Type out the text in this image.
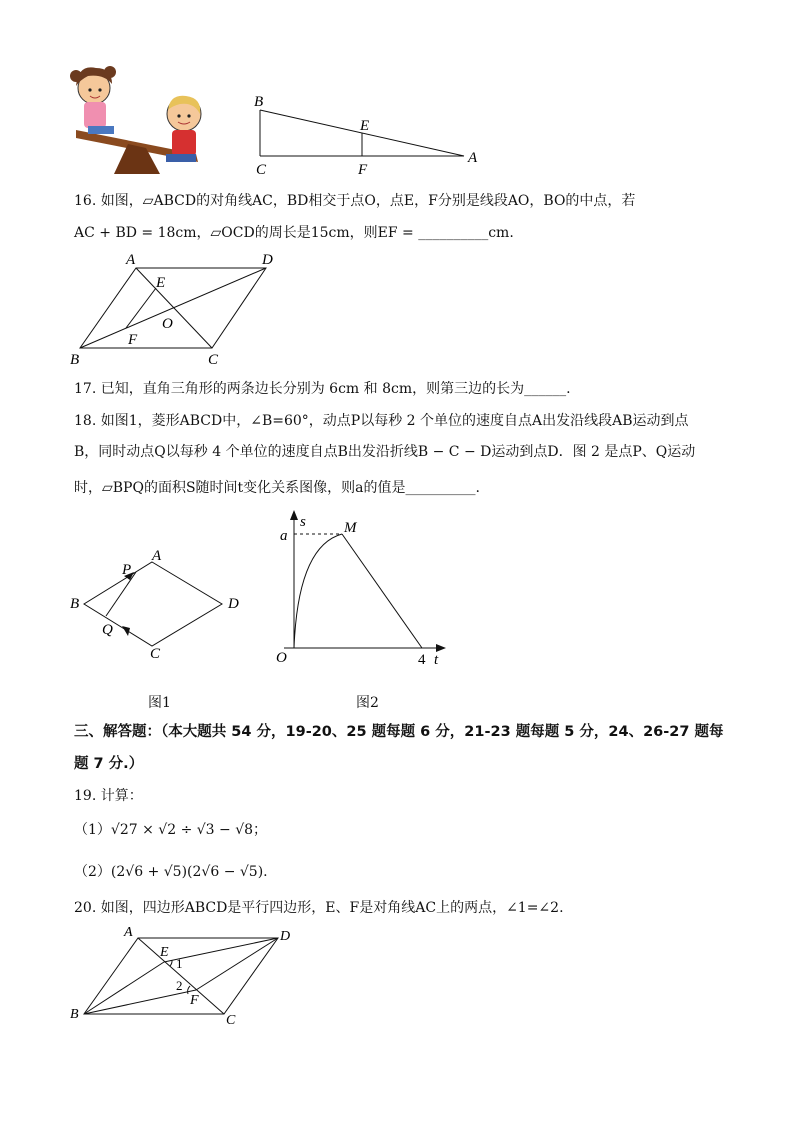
B
E
C	F
A
16. 如图，▱ABCD的对角线AC，BD相交于点O，点E，F分别是线段AO，BO的中点，若
AC + BD = 18cm，▱OCD的周长是15cm，则EF = __________cm.
A	D
E
O
F
B	C
17. 已知，直角三角形的两条边长分别为 6cm 和 8cm，则第三边的长为______.
18. 如图1，菱形ABCD中，∠B=60°，动点P以每秒 2 个单位的速度自点A出发沿线段AB运动到点
B，同时动点Q以每秒 4 个单位的速度自点B出发沿折线B − C − D运动到点D．图 2 是点P、Q运动
时，▱BPQ的面积S随时间t变化关系图像，则a的值是__________.
A
P
B	D
Q
C
s	M
a
O	4 t
图1	图2
三、解答题：（本大题共 54 分，19-20、25 题每题 6 分，21-23 题每题 5 分，24、26-27 题每
题 7 分.）
19. 计算：
（1）√27 × √2 ÷ √3 − √8；
（2）(2√6 + √5)(2√6 − √5).
20. 如图，四边形ABCD是平行四边形，E、F是对角线AC上的两点，∠1=∠2.
A	D
E
1
2
F
B	C
